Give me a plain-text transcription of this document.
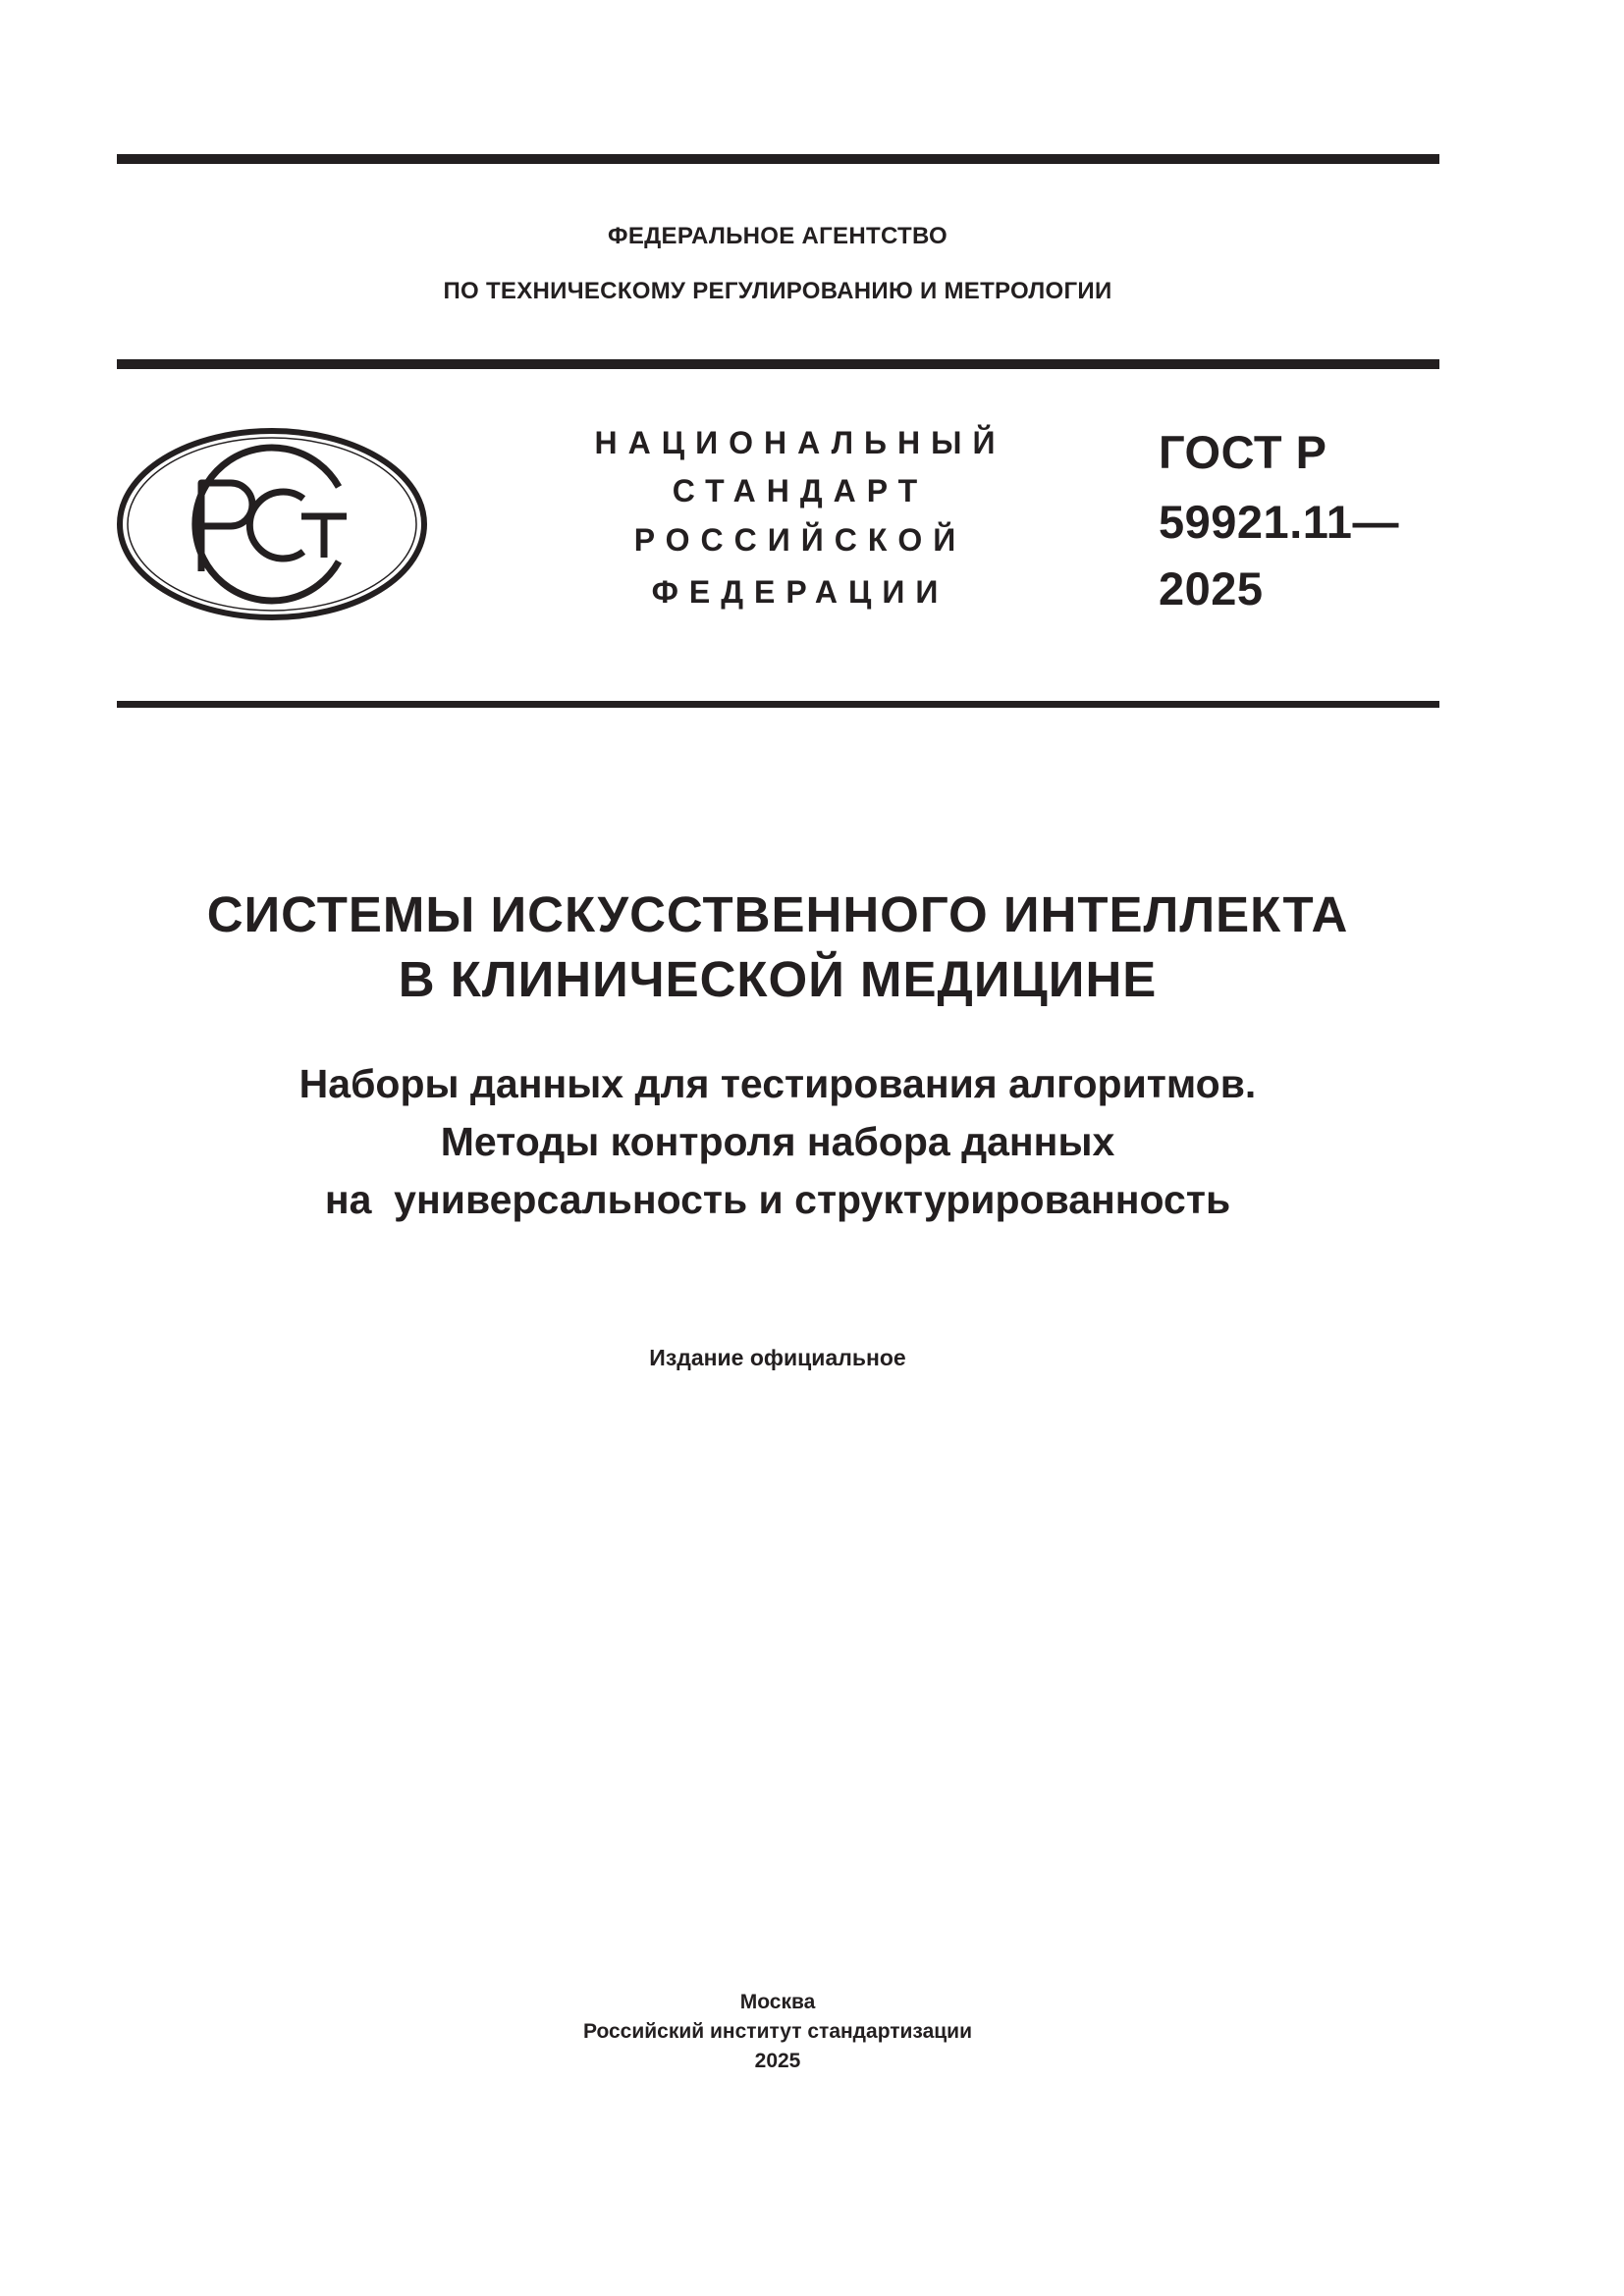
ФЕДЕРАЛЬНОЕ АГЕНТСТВО
ПО ТЕХНИЧЕСКОМУ РЕГУЛИРОВАНИЮ И МЕТРОЛОГИИ
НАЦИОНАЛЬНЫЙ
СТАНДАРТ
РОССИЙСКОЙ
ФЕДЕРАЦИИ
ГОСТ Р
59921.11—
2025
СИСТЕМЫ ИСКУССТВЕННОГО ИНТЕЛЛЕКТА
В КЛИНИЧЕСКОЙ МЕДИЦИНЕ
Наборы данных для тестирования алгоритмов.
Методы контроля набора данных
на  универсальность и структурированность
Издание официальное
Москва
Российский институт стандартизации
2025
